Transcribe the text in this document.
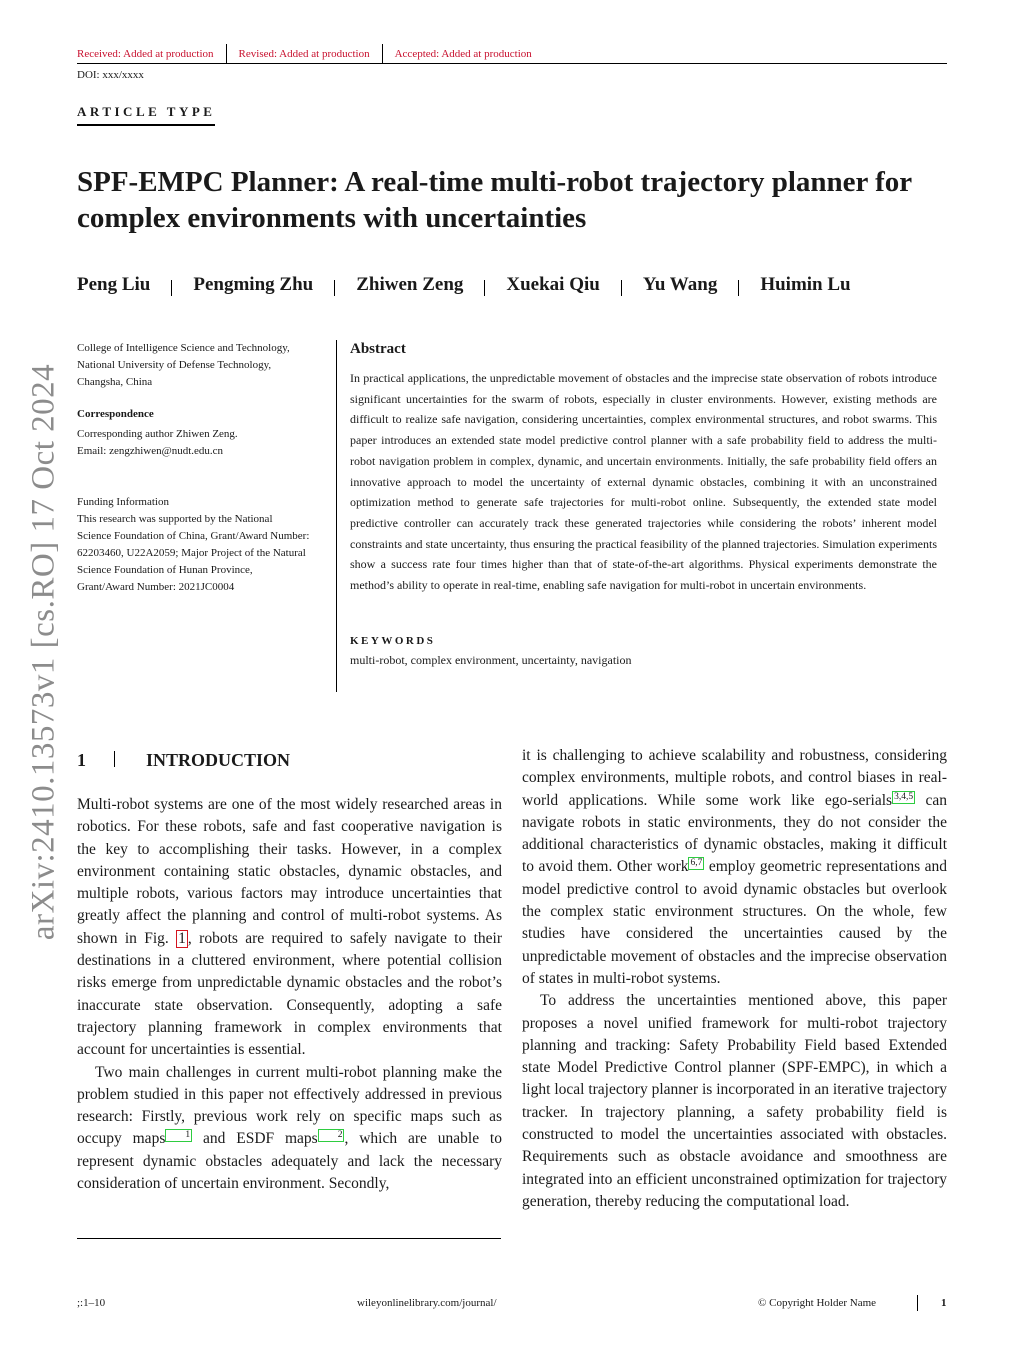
Received: Added at production	Revised: Added at production	Accepted: Added at production
DOI: xxx/xxxx
ARTICLE TYPE
SPF-EMPC Planner: A real-time multi-robot trajectory planner for complex environments with uncertainties
Peng Liu Pengming Zhu Zhiwen Zeng Xuekai Qiu Yu Wang Huimin Lu
arXiv:2410.13573v1 [cs.RO] 17 Oct 2024
College of Intelligence Science and Technology,
National University of Defense Technology,
Changsha, China
Correspondence
Corresponding author Zhiwen Zeng.
Email: zengzhiwen@nudt.edu.cn
Funding Information
This research was supported by the National
Science Foundation of China, Grant/Award Number:
62203460, U22A2059; Major Project of the Natural
Science Foundation of Hunan Province,
Grant/Award Number: 2021JC0004
Abstract
In practical applications, the unpredictable movement of obstacles and the imprecise state observation of robots introduce significant uncertainties for the swarm of robots, especially in cluster environments. However, existing methods are difficult to realize safe navigation, considering uncertainties, complex environmental structures, and robot swarms. This paper introduces an extended state model predictive control planner with a safe probability field to address the multi-robot navigation problem in complex, dynamic, and uncertain environments. Initially, the safe probability field offers an innovative approach to model the uncertainty of external dynamic obstacles, combining it with an unconstrained optimization method to generate safe trajectories for multi-robot online. Subsequently, the extended state model predictive controller can accurately track these generated trajectories while considering the robots’ inherent model constraints and state uncertainty, thus ensuring the practical feasibility of the planned trajectories. Simulation experiments show a success rate four times higher than that of state-of-the-art algorithms. Physical experiments demonstrate the method’s ability to operate in real-time, enabling safe navigation for multi-robot in uncertain environments.
KEYWORDS
multi-robot, complex environment, uncertainty, navigation
1	INTRODUCTION

Multi-robot systems are one of the most widely researched areas in robotics. For these robots, safe and fast cooperative navigation is the key to accomplishing their tasks. However, in a complex environment containing static obstacles, dynamic obstacles, and multiple robots, various factors may introduce uncertainties that greatly affect the planning and control of multi-robot systems. As shown in Fig. 1 , robots are required to safely navigate to their destinations in a cluttered environment, where potential collision risks emerge from unpredictable dynamic obstacles and the robot’s inaccurate state observation. Consequently, adopting a safe trajectory planning framework in complex environments that account for uncertainties is essential.

Two main challenges in current multi-robot planning make the problem studied in this paper not effectively addressed in previous research: Firstly, previous work rely on specific maps such as occupy maps 1 and ESDF maps 2 , which are unable to represent dynamic obstacles adequately and lack the necessary consideration of uncertain environment. Secondly,

it is challenging to achieve scalability and robustness, considering complex environments, multiple robots, and control biases in real-world applications. While some work like ego-serials 3,4,5 can navigate robots in static environments, they do not consider the additional characteristics of dynamic obstacles, making it difficult to avoid them. Other work 6,7 employ geometric representations and model predictive control to avoid dynamic obstacles but overlook the complex static environment structures. On the whole, few studies have considered the uncertainties caused by the unpredictable movement of obstacles and the imprecise observation of states in multi-robot systems.

To address the uncertainties mentioned above, this paper proposes a novel unified framework for multi-robot trajectory planning and tracking: Safety Probability Field based Extended state Model Predictive Control planner (SPF-EMPC), in which a light local trajectory planner is incorporated in an iterative trajectory tracker. In trajectory planning, a safety probability field is constructed to model the uncertainties associated with obstacles. Requirements such as obstacle avoidance and smoothness are integrated into an efficient unconstrained optimization for trajectory generation, thereby reducing the computational load.

;:1–10	wileyonlinelibrary.com/journal/	© Copyright Holder Name	1
